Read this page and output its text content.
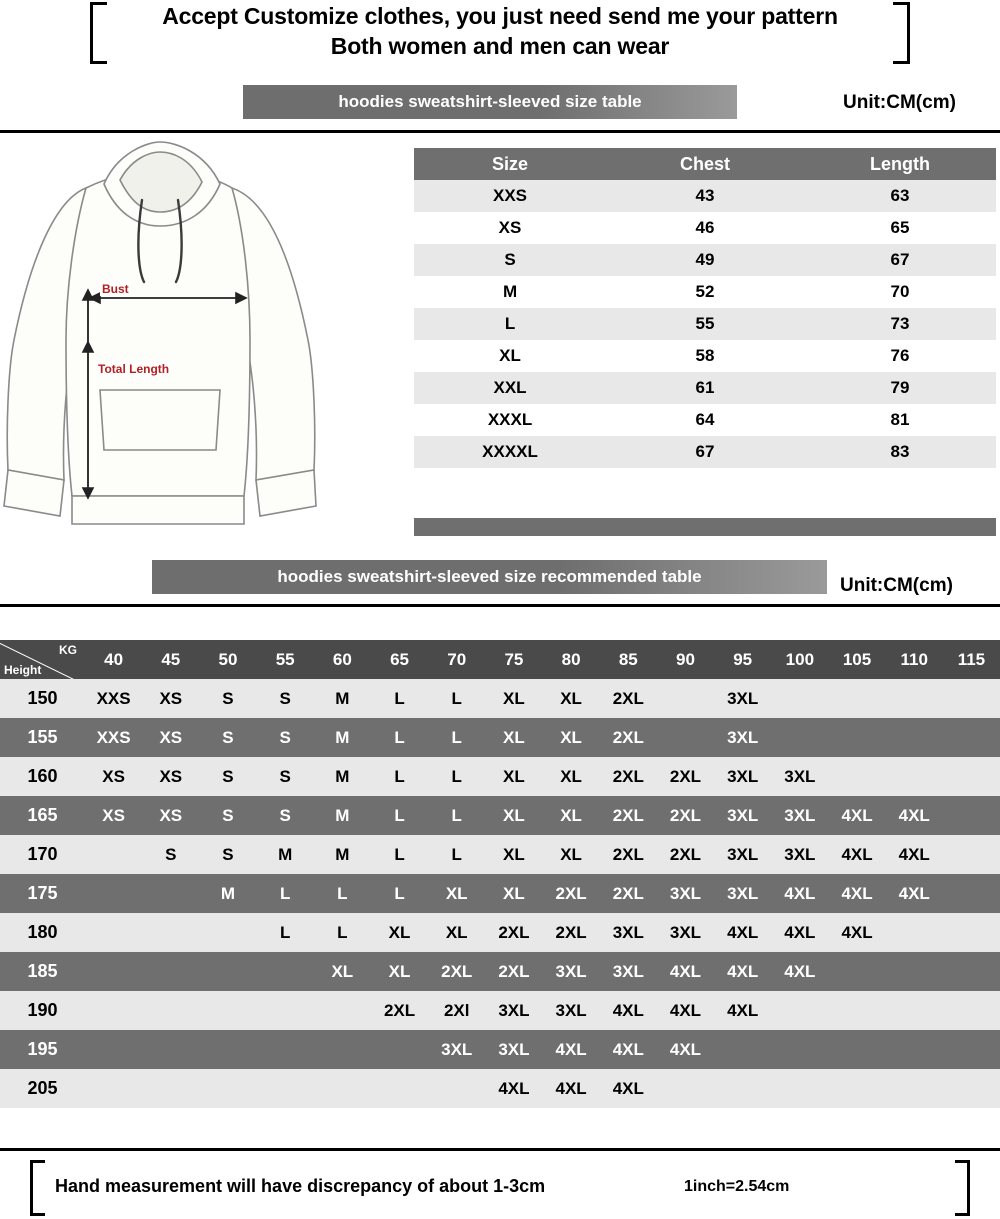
Accept Customize clothes, you just need send me your pattern
Both women and men can wear
hoodies sweatshirt-sleeved size table	Unit:CM(cm)
Bust
Total Length
Size	Chest	Length
XXS	43	63
XS	46	65
S	49	67
M	52	70
L	55	73
XL	58	76
XXL	61	79
XXXL	64	81
XXXXL	67	83
hoodies sweatshirt-sleeved size recommended table	Unit:CM(cm)
KG
Height	40	45	50	55	60	65	70	75	80	85	90	95	100	105	110	115
150	XXS	XS	S	S	M	L	L	XL	XL	2XL		3XL				
155	XXS	XS	S	S	M	L	L	XL	XL	2XL		3XL				
160	XS	XS	S	S	M	L	L	XL	XL	2XL	2XL	3XL	3XL			
165	XS	XS	S	S	M	L	L	XL	XL	2XL	2XL	3XL	3XL	4XL	4XL	
170		S	S	M	M	L	L	XL	XL	2XL	2XL	3XL	3XL	4XL	4XL	
175			M	L	L	L	XL	XL	2XL	2XL	3XL	3XL	4XL	4XL	4XL	
180				L	L	XL	XL	2XL	2XL	3XL	3XL	4XL	4XL	4XL		
185					XL	XL	2XL	2XL	3XL	3XL	4XL	4XL	4XL			
190						2XL	2Xl	3XL	3XL	4XL	4XL	4XL				
195							3XL	3XL	4XL	4XL	4XL					
205								4XL	4XL	4XL						
Hand measurement will have discrepancy of about 1-3cm	1inch=2.54cm
